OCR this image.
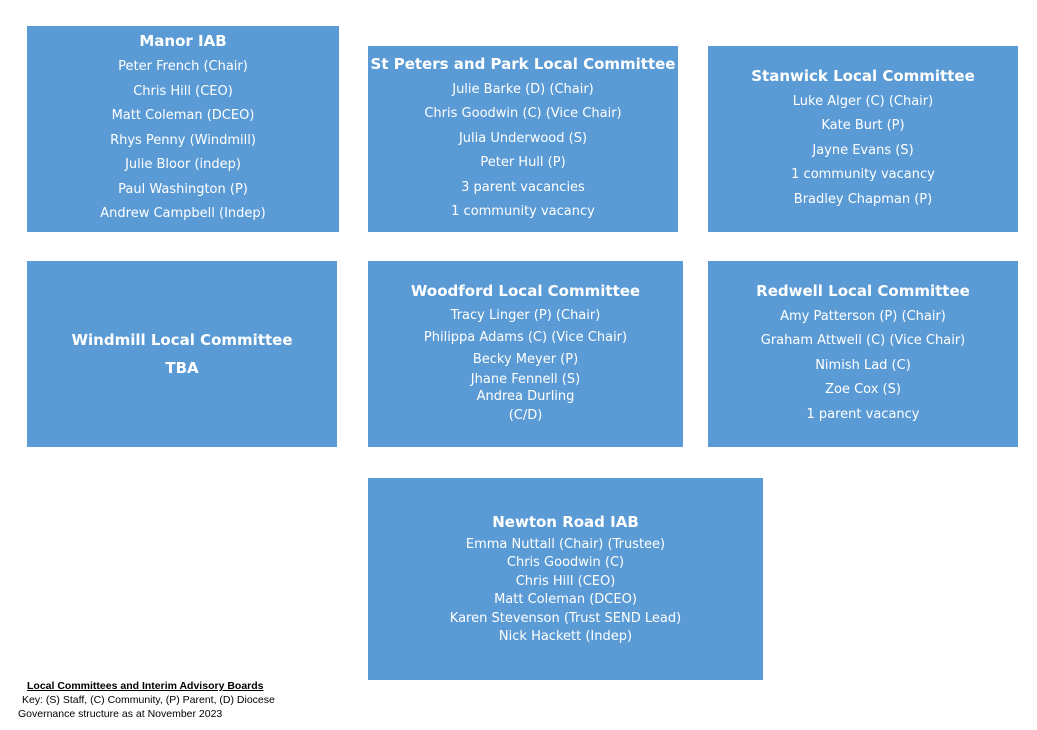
Manor IAB
Peter French (Chair)
Chris Hill (CEO)
Matt Coleman (DCEO)
Rhys Penny (Windmill)
Julie Bloor (indep)
Paul Washington (P)
Andrew Campbell (Indep)
St Peters and Park Local Committee
Julie Barke (D) (Chair)
Chris Goodwin (C) (Vice Chair)
Julia Underwood (S)
Peter Hull (P)
3 parent vacancies
1 community vacancy
Stanwick Local Committee
Luke Alger (C) (Chair)
Kate Burt (P)
Jayne Evans (S)
1 community vacancy
Bradley Chapman (P)
Windmill Local Committee
TBA
Woodford Local Committee
Tracy Linger (P) (Chair)
Philippa Adams (C) (Vice Chair)
Becky Meyer (P)
Jhane Fennell (S)
Andrea Durling
(C/D)
Redwell Local Committee
Amy Patterson (P) (Chair)
Graham Attwell (C) (Vice Chair)
Nimish Lad (C)
Zoe Cox (S)
1 parent vacancy
Newton Road IAB
Emma Nuttall (Chair) (Trustee)
Chris Goodwin (C)
Chris Hill (CEO)
Matt Coleman (DCEO)
Karen Stevenson (Trust SEND Lead)
Nick Hackett (Indep)
Local Committees and Interim Advisory Boards
Key: (S) Staff, (C) Community, (P) Parent, (D) Diocese
Governance structure as at November 2023
